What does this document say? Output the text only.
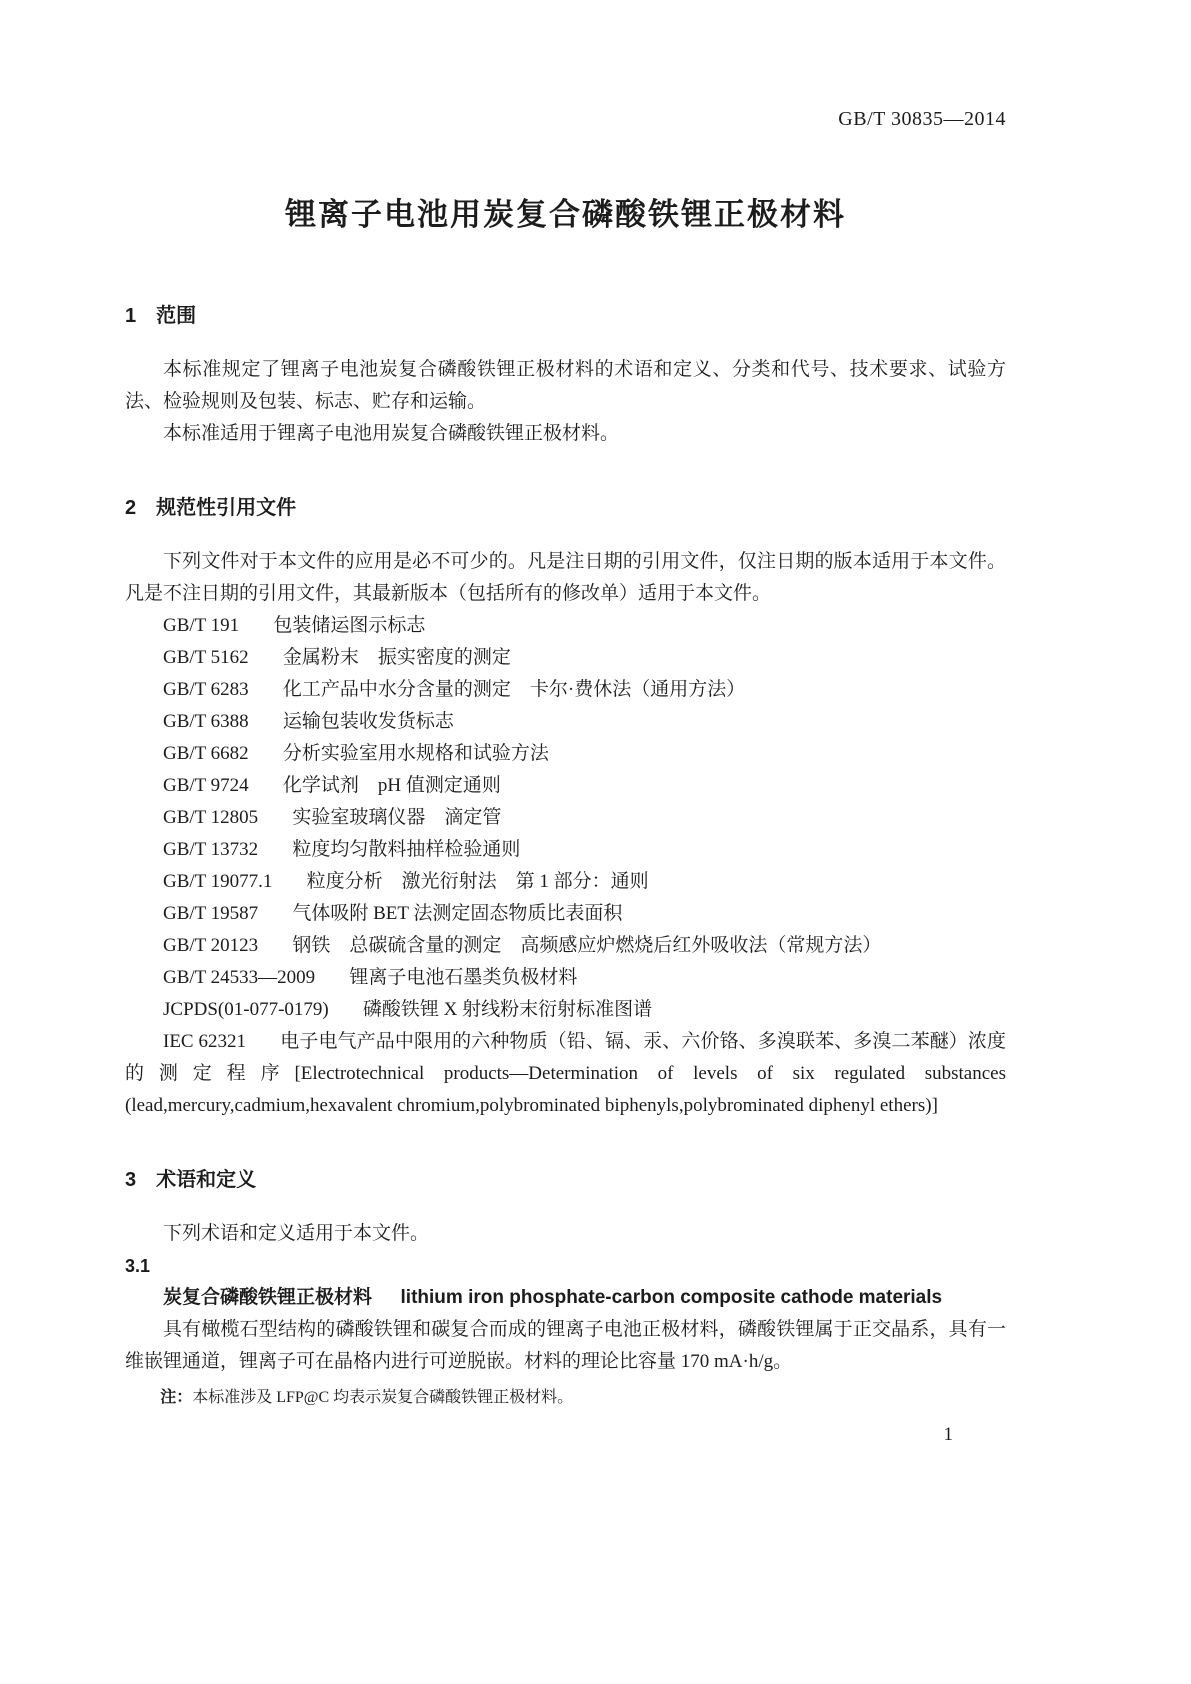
GB/T 30835—2014
锂离子电池用炭复合磷酸铁锂正极材料
1　范围

本标准规定了锂离子电池炭复合磷酸铁锂正极材料的术语和定义、分类和代号、技术要求、试验方法、检验规则及包装、标志、贮存和运输。

本标准适用于锂离子电池用炭复合磷酸铁锂正极材料。

2　规范性引用文件

下列文件对于本文件的应用是必不可少的。凡是注日期的引用文件，仅注日期的版本适用于本文件。凡是不注日期的引用文件，其最新版本（包括所有的修改单）适用于本文件。

GB/T 191 包装储运图示标志

GB/T 5162 金属粉末　振实密度的测定

GB/T 6283 化工产品中水分含量的测定　卡尔·费休法（通用方法）

GB/T 6388 运输包装收发货标志

GB/T 6682 分析实验室用水规格和试验方法

GB/T 9724 化学试剂　pH 值测定通则

GB/T 12805 实验室玻璃仪器　滴定管

GB/T 13732 粒度均匀散料抽样检验通则

GB/T 19077.1 粒度分析　激光衍射法　第 1 部分：通则

GB/T 19587 气体吸附 BET 法测定固态物质比表面积

GB/T 20123 钢铁　总碳硫含量的测定　高频感应炉燃烧后红外吸收法（常规方法）

GB/T 24533—2009 锂离子电池石墨类负极材料

JCPDS(01-077-0179) 磷酸铁锂 X 射线粉末衍射标准图谱

IEC 62321 电子电气产品中限用的六种物质（铅、镉、汞、六价铬、多溴联苯、多溴二苯醚）浓度的测定程序[Electrotechnical products—Determination of levels of six regulated substances (lead,mercury,cadmium,hexavalent chromium,polybrominated biphenyls,polybrominated diphenyl ethers)]

3　术语和定义

下列术语和定义适用于本文件。

3.1

炭复合磷酸铁锂正极材料 lithium iron phosphate-carbon composite cathode materials

具有橄榄石型结构的磷酸铁锂和碳复合而成的锂离子电池正极材料，磷酸铁锂属于正交晶系，具有一维嵌锂通道，锂离子可在晶格内进行可逆脱嵌。材料的理论比容量 170 mA·h/g。

注：本标准涉及 LFP@C 均表示炭复合磷酸铁锂正极材料。

1
